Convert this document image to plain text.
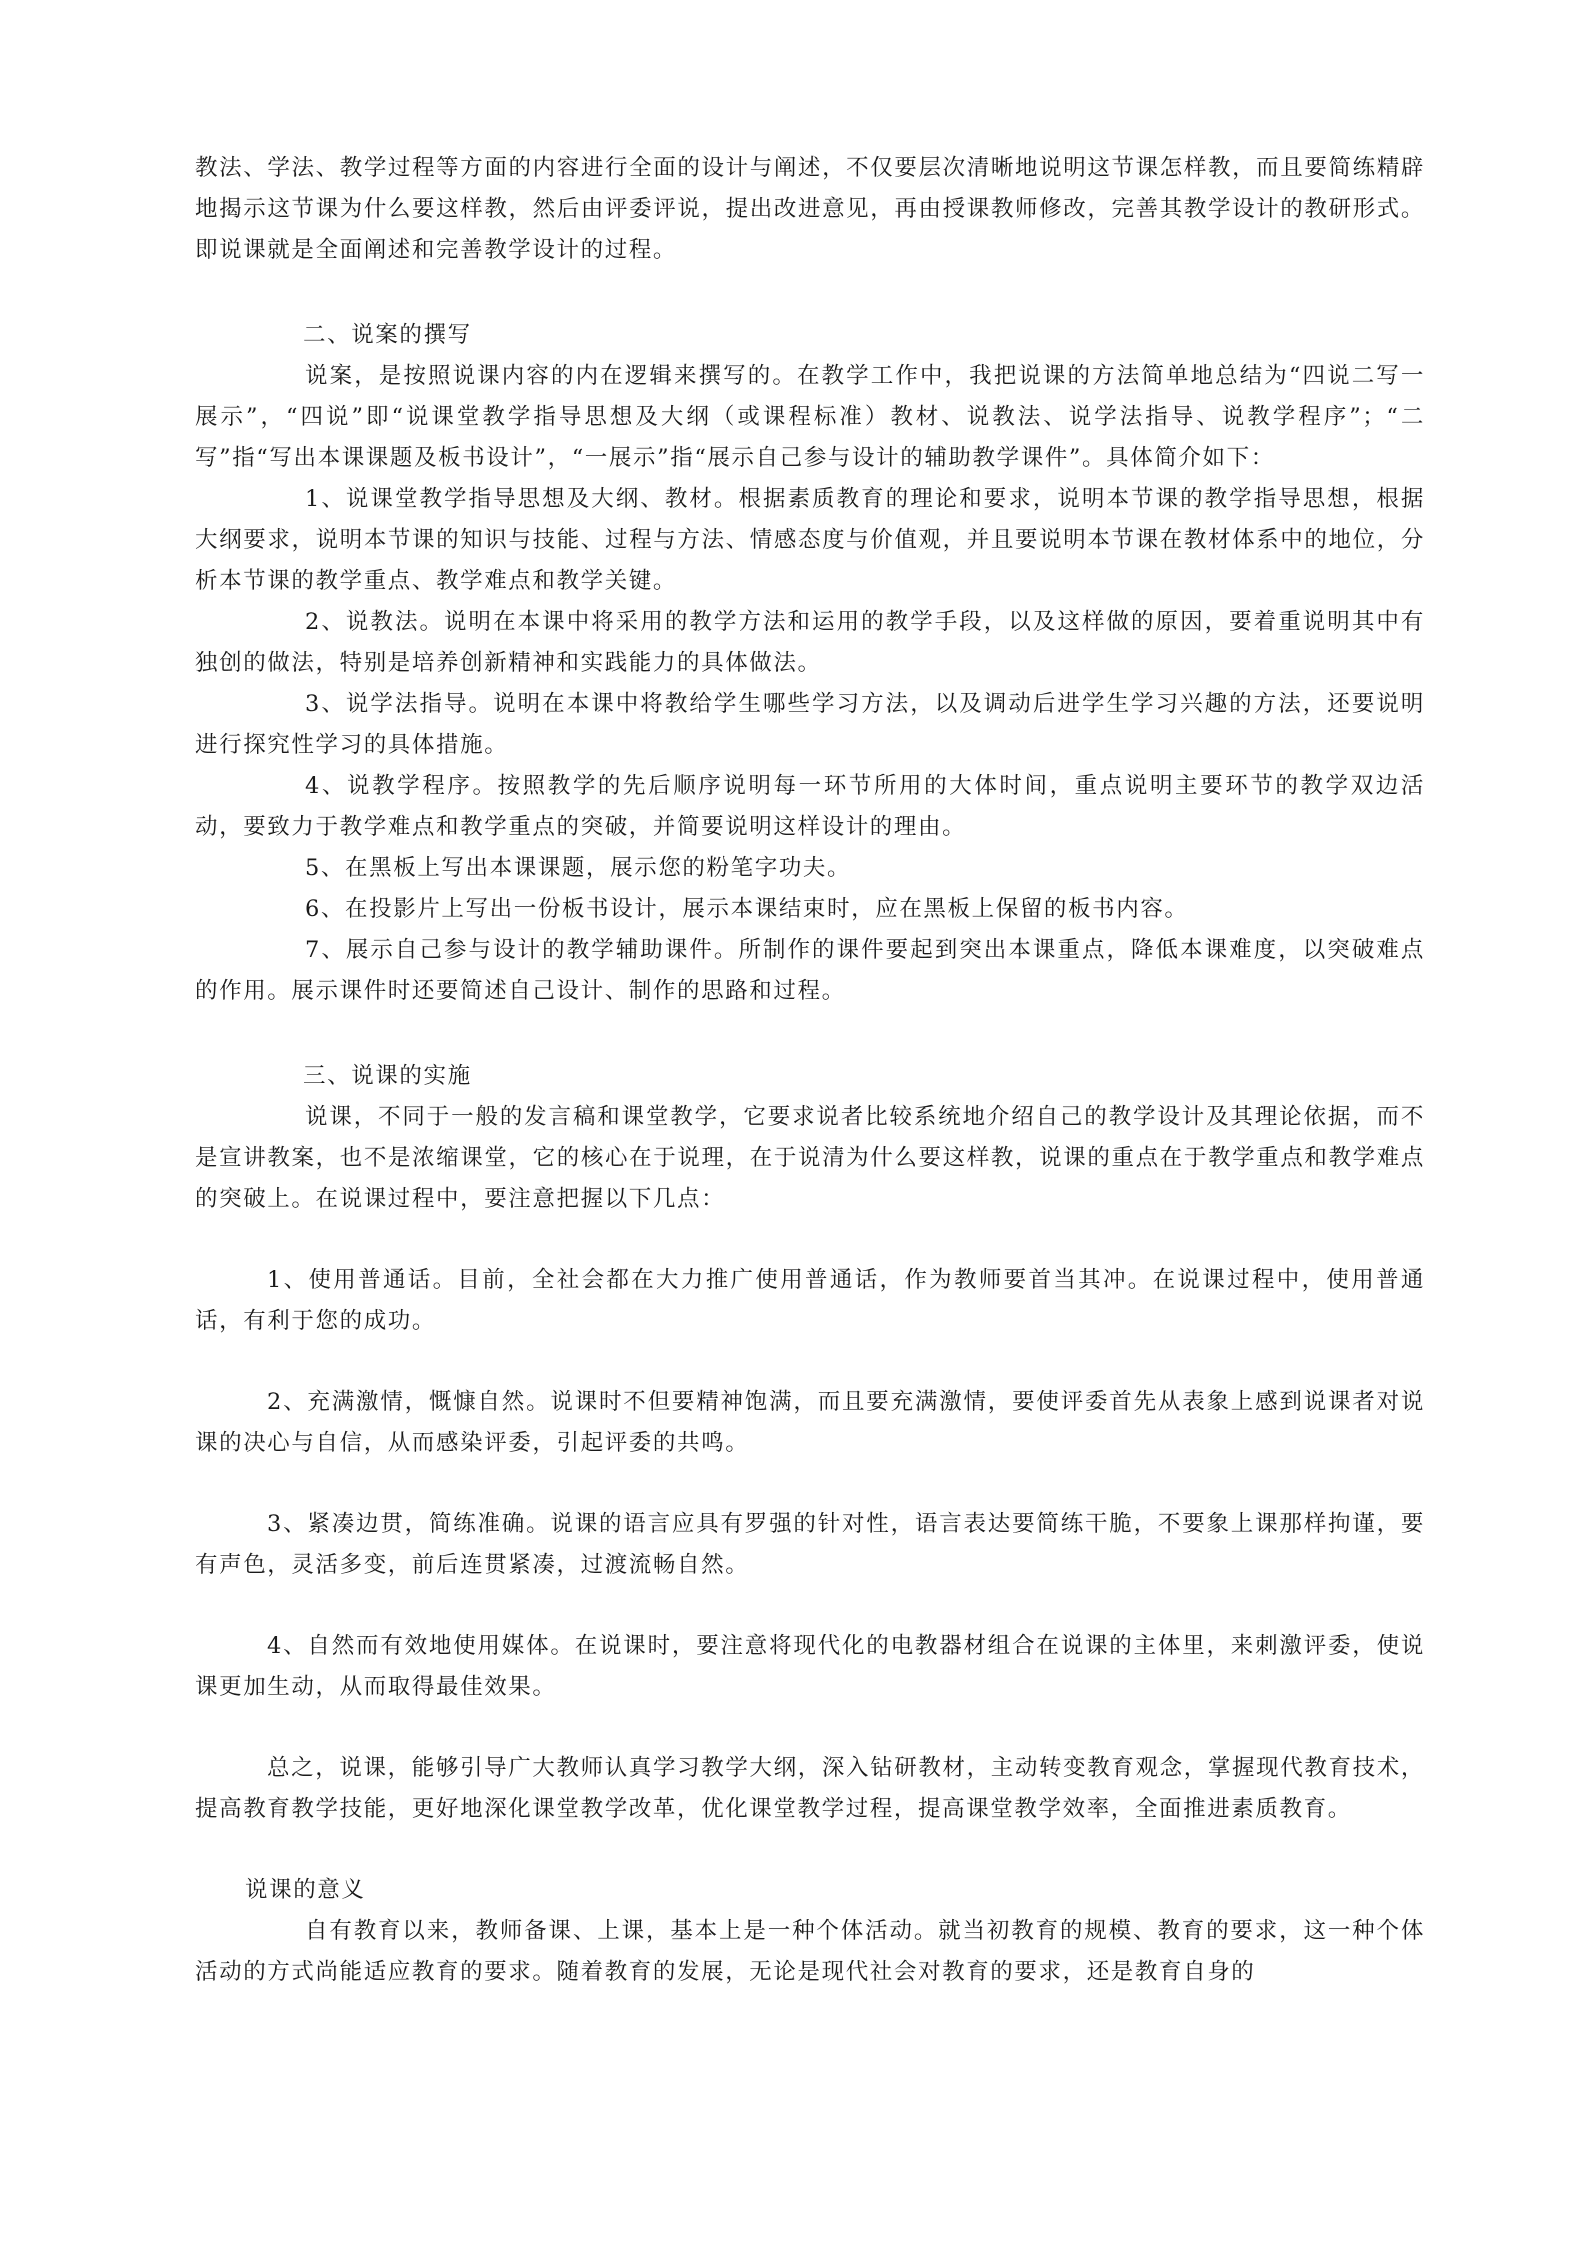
教法、学法、教学过程等方面的内容进行全面的设计与阐述，不仅要层次清晰地说明这节课怎样教，而且要简练精辟地揭示这节课为什么要这样教，然后由评委评说，提出改进意见，再由授课教师修改，完善其教学设计的教研形式。即说课就是全面阐述和完善教学设计的过程。

二、说案的撰写

说案，是按照说课内容的内在逻辑来撰写的。在教学工作中，我把说课的方法简单地总结为“四说二写一展示”，“四说”即“说课堂教学指导思想及大纲（或课程标准）教材、说教法、说学法指导、说教学程序”；“二写”指“写出本课课题及板书设计”，“一展示”指“展示自己参与设计的辅助教学课件”。具体简介如下：

1、说课堂教学指导思想及大纲、教材。根据素质教育的理论和要求，说明本节课的教学指导思想，根据大纲要求，说明本节课的知识与技能、过程与方法、情感态度与价值观，并且要说明本节课在教材体系中的地位，分析本节课的教学重点、教学难点和教学关键。

2、说教法。说明在本课中将采用的教学方法和运用的教学手段，以及这样做的原因，要着重说明其中有独创的做法，特别是培养创新精神和实践能力的具体做法。

3、说学法指导。说明在本课中将教给学生哪些学习方法，以及调动后进学生学习兴趣的方法，还要说明进行探究性学习的具体措施。

4、说教学程序。按照教学的先后顺序说明每一环节所用的大体时间，重点说明主要环节的教学双边活动，要致力于教学难点和教学重点的突破，并简要说明这样设计的理由。

5、在黑板上写出本课课题，展示您的粉笔字功夫。

6、在投影片上写出一份板书设计，展示本课结束时，应在黑板上保留的板书内容。

7、展示自己参与设计的教学辅助课件。所制作的课件要起到突出本课重点，降低本课难度，以突破难点的作用。展示课件时还要简述自己设计、制作的思路和过程。

三、说课的实施

说课，不同于一般的发言稿和课堂教学，它要求说者比较系统地介绍自己的教学设计及其理论依据，而不是宣讲教案，也不是浓缩课堂，它的核心在于说理，在于说清为什么要这样教，说课的重点在于教学重点和教学难点的突破上。在说课过程中，要注意把握以下几点：

1、使用普通话。目前，全社会都在大力推广使用普通话，作为教师要首当其冲。在说课过程中，使用普通话，有利于您的成功。

2、充满激情，慨慷自然。说课时不但要精神饱满，而且要充满激情，要使评委首先从表象上感到说课者对说课的决心与自信，从而感染评委，引起评委的共鸣。

3、紧凑边贯，简练准确。说课的语言应具有罗强的针对性，语言表达要简练干脆，不要象上课那样拘谨，要有声色，灵活多变，前后连贯紧凑，过渡流畅自然。

4、自然而有效地使用媒体。在说课时，要注意将现代化的电教器材组合在说课的主体里，来刺激评委，使说课更加生动，从而取得最佳效果。

总之，说课，能够引导广大教师认真学习教学大纲，深入钻研教材，主动转变教育观念，掌握现代教育技术，提高教育教学技能，更好地深化课堂教学改革，优化课堂教学过程，提高课堂教学效率，全面推进素质教育。

说课的意义

自有教育以来，教师备课、上课，基本上是一种个体活动。就当初教育的规模、教育的要求，这一种个体活动的方式尚能适应教育的要求。随着教育的发展，无论是现代社会对教育的要求，还是教育自身的
